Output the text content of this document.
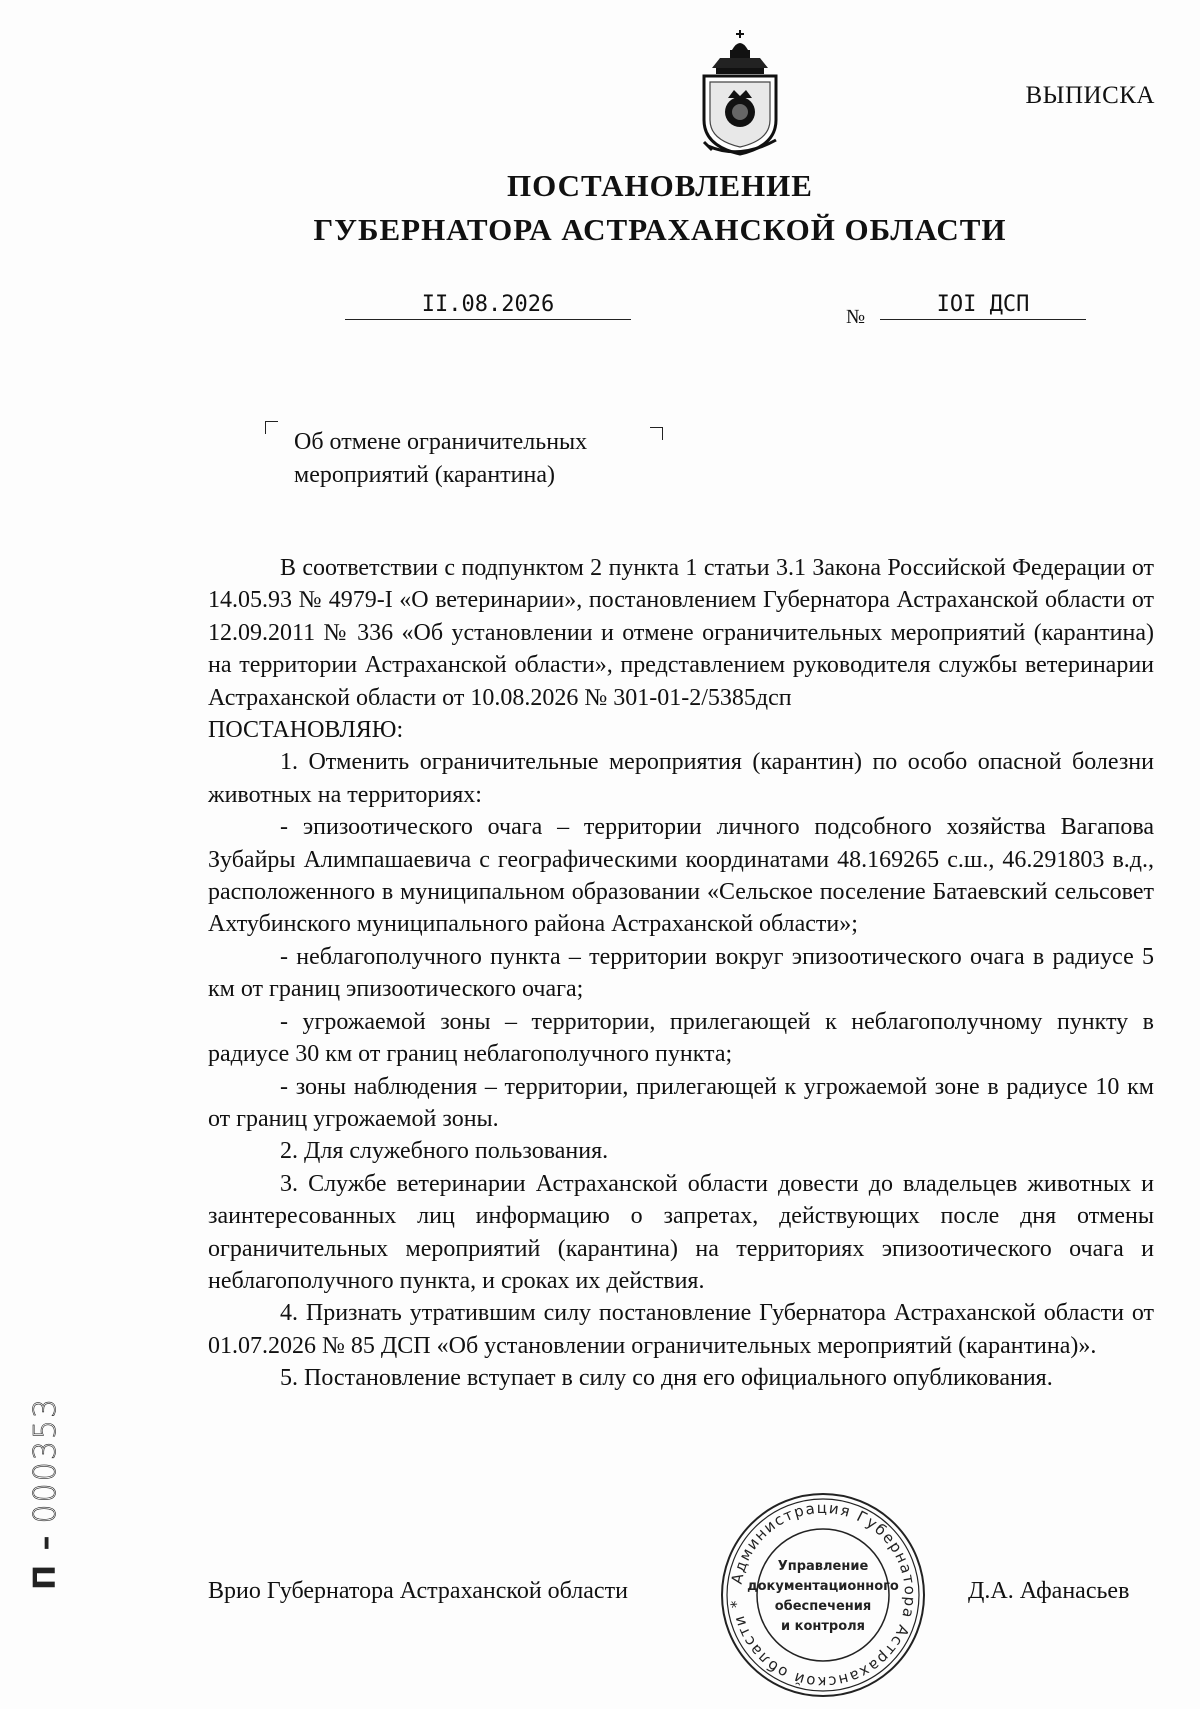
ВЫПИСКА
ПОСТАНОВЛЕНИЕ
ГУБЕРНАТОРА АСТРАХАНСКОЙ ОБЛАСТИ
II.08.2026	№	IOI ДСП
Об отмене ограничительных
мероприятий (карантина)

В соответствии с подпунктом 2 пункта 1 статьи 3.1 Закона Российской Федерации от 14.05.93 № 4979-I «О ветеринарии», постановлением Губернатора Астраханской области от 12.09.2011 № 336 «Об установлении и отмене ограничительных мероприятий (карантина) на территории Астраханской области», представлением руководителя службы ветеринарии Астраханской области от 10.08.2026 № 301-01-2/5385дсп

ПОСТАНОВЛЯЮ:

1. Отменить ограничительные мероприятия (карантин) по особо опасной болезни животных на территориях:

- эпизоотического очага – территории личного подсобного хозяйства Вагапова Зубайры Алимпашаевича с географическими координатами 48.169265 с.ш., 46.291803 в.д., расположенного в муниципальном образовании «Сельское поселение Батаевский сельсовет Ахтубинского муниципального района Астраханской области»;

- неблагополучного пункта – территории вокруг эпизоотического очага в радиусе 5 км от границ эпизоотического очага;

- угрожаемой зоны – территории, прилегающей к неблагополучному пункту в радиусе 30 км от границ неблагополучного пункта;

- зоны наблюдения – территории, прилегающей к угрожаемой зоне в радиусе 10 км от границ угрожаемой зоны.

2. Для служебного пользования.

3. Службе ветеринарии Астраханской области довести до владельцев животных и заинтересованных лиц информацию о запретах, действующих после дня отмены ограничительных мероприятий (карантина) на территориях эпизоотического очага и неблагополучного пункта, и сроках их действия.

4. Признать утратившим силу постановление Губернатора Астраханской области от 01.07.2026 № 85 ДСП «Об установлении ограничительных мероприятий (карантина)».

5. Постановление вступает в силу со дня его официального опубликования.

Врио Губернатора Астраханской области	Д.А. Афанасьев
Администрация Губернатора Астраханской области *
Управление
документационного
обеспечения
и контроля
П –000353
